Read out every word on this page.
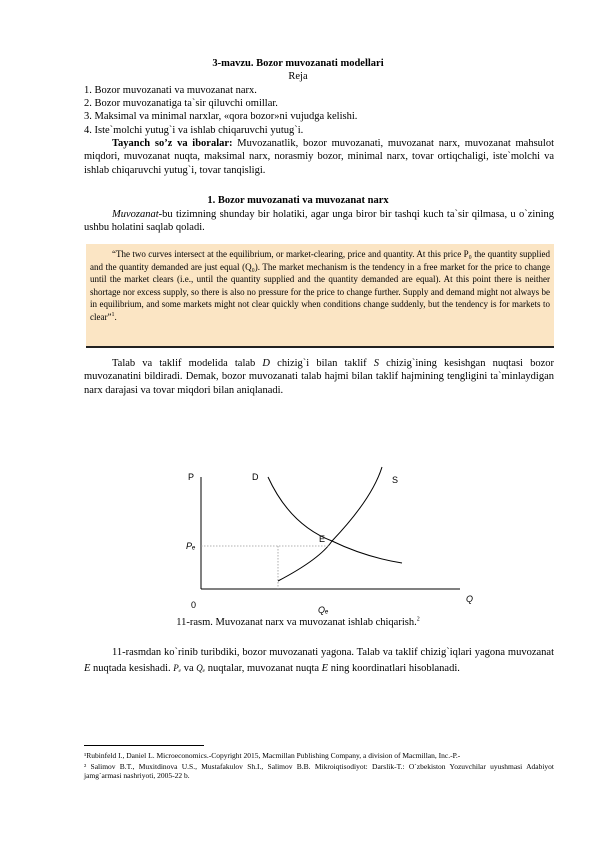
3-mavzu. Bozor muvozanati modellari
Reja
1. Bozor muvozanati va muvozanat narx.
2. Bozor muvozanatiga ta`sir qiluvchi omillar.
3. Maksimal va minimal narxlar, «qora bozor»ni vujudga kelishi.
4. Iste`molchi yutug`i va ishlab chiqaruvchi yutug`i.
Tayanch so’z va iboralar: Muvozanatlik, bozor muvozanati, muvozanat narx, muvozanat mahsulot miqdori, muvozanat nuqta, maksimal narx, norasmiy bozor, minimal narx, tovar ortiqchaligi, iste`molchi va ishlab chiqaruvchi yutug`i, tovar tanqisligi.
1. Bozor muvozanati va muvozanat narx
Muvozanat-bu tizimning shunday bir holatiki, agar unga biror bir tashqi kuch ta`sir qilmasa, u o`zining ushbu holatini saqlab qoladi.
“The two curves intersect at the equilibrium, or market-clearing, price and quantity. At this price P₀ the quantity supplied and the quantity demanded are just equal (Q₀). The market mechanism is the tendency in a free market for the price to change until the market clears (i.e., until the quantity supplied and the quantity demanded are equal). At this point there is neither shortage nor excess supply, so there is also no pressure for the price to change further. Supply and demand might not always be in equilibrium, and some markets might not clear quickly when conditions change suddenly, but the tendency is for markets to clear”$^1$.
Talab va taklif modelida talab D chizig`i bilan taklif S chizig`ining kesishgan nuqtasi bozor muvozanatini bildiradi. Demak, bozor muvozanati talab hajmi bilan taklif hajmining tengligini ta`minlaydigan narx darajasi va tovar miqdori bilan aniqlanadi.
P	D	S
E
Pₑ
0
Q
Qₑ
11-rasm. Muvozanat narx va muvozanat ishlab chiqarish.$^2$
11-rasmdan ko`rinib turibdiki, bozor muvozanati yagona. Talab va taklif chizig`iqlari yagona muvozanat E nuqtada kesishadi. Pₑ va Qₑ nuqtalar, muvozanat nuqta E ning koordinatlari hisoblanadi.
¹Rubinfeld I., Daniel L. Microeconomics.-Copyright 2015, Macmillan Publishing Company, a division of Macmillan, Inc.-P.-
² Salimov B.T., Muxitdinova U.S., Mustafakulov Sh.I., Salimov B.B. Mikroiqtisodiyot: Darslik-T.: O`zbekiston Yozuvchilar uyushmasi Adabiyot jamg`armasi nashriyoti, 2005-22 b.
